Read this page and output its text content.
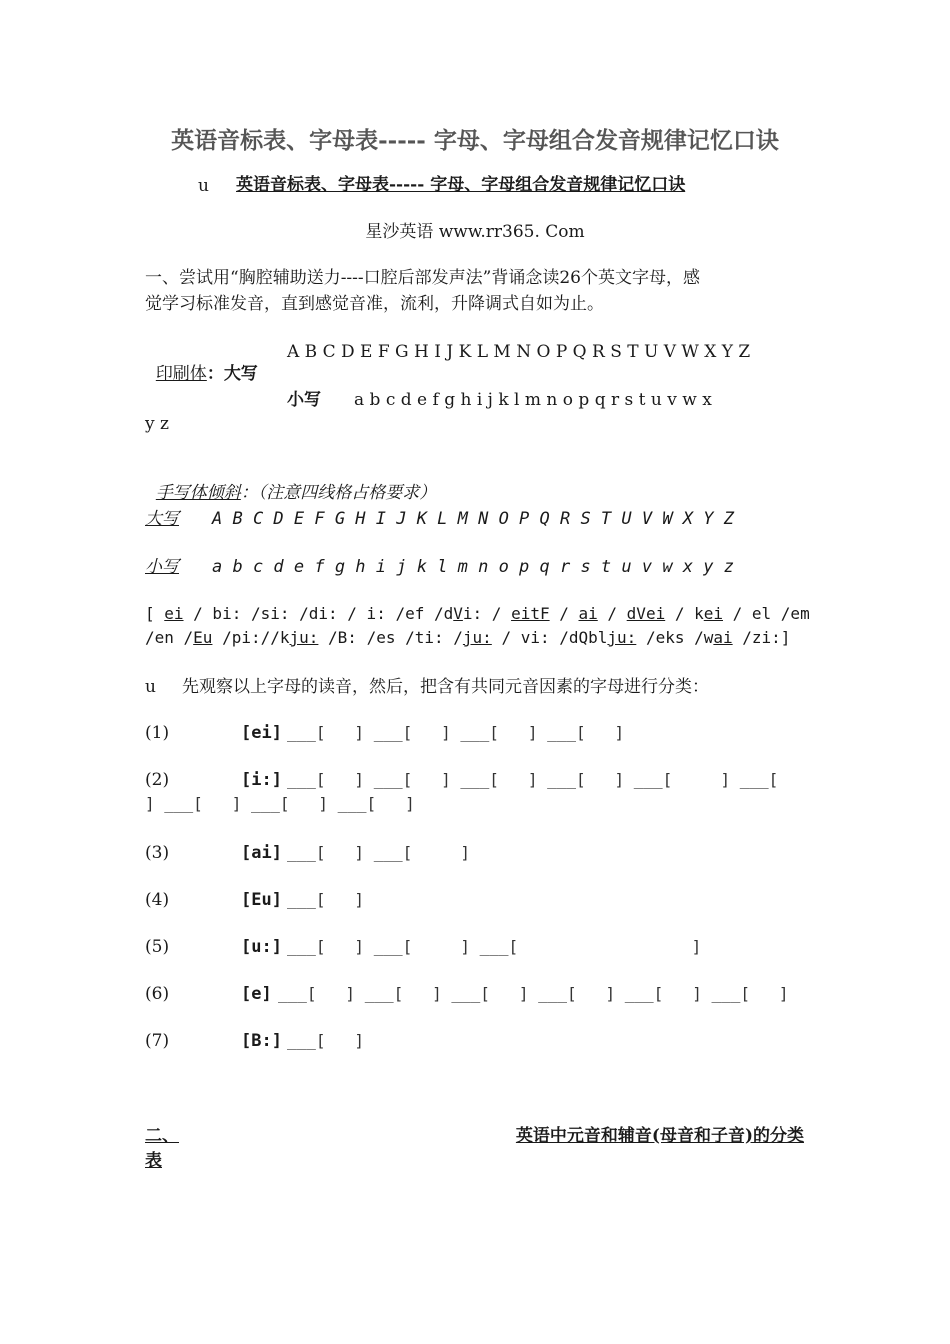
英语音标表、字母表----- 字母、字母组合发音规律记忆口诀
u 英语音标表、字母表----- 字母、字母组合发音规律记忆口诀
星沙英语 www.rr365. Com
一、尝试用“胸腔辅助送力----口腔后部发声法”背诵念读26个英文字母，感
觉学习标准发音，直到感觉音准，流利，升降调式自如为止。

印刷体：大写

A B C D E F G H I J K L M N O P Q R S T U V W X Y Z
小写 a b c d e f g h i j k l m n o p q r s t u v w x
y z

手写体倾斜：（注意四线格占格要求）

大写 A B C D E F G H I J K L M N O P Q R S T U V W X Y Z
小写 a b c d e f g h i j k l m n o p q r s t u v w x y z
[ ei / bi: /si: /di: / i: /ef /dVi: / eitF / ai / dVei / kei / el /em
/en /Eu /pi://kju: /B: /es /ti: /ju: / vi: /dQblju: /eks /wai /zi:]
u 先观察以上字母的读音，然后，把含有共同元音因素的字母进行分类：
(1)	[ei] ___[   ] ___[   ] ___[   ] ___[   ]
(2)	[i:] ___[   ] ___[   ] ___[   ] ___[   ] ___[     ] ___[
] ___[   ] ___[   ] ___[   ]
(3)	[ai] ___[   ] ___[     ]
(4)	[Eu] ___[   ]
(5)	[u:] ___[   ] ___[     ] ___[                  ]
(6)	[e] ___[   ] ___[   ] ___[   ] ___[   ] ___[   ] ___[   ]
(7)	[B:] ___[   ]
二、	英语中元音和辅音(母音和子音)的分类
表
